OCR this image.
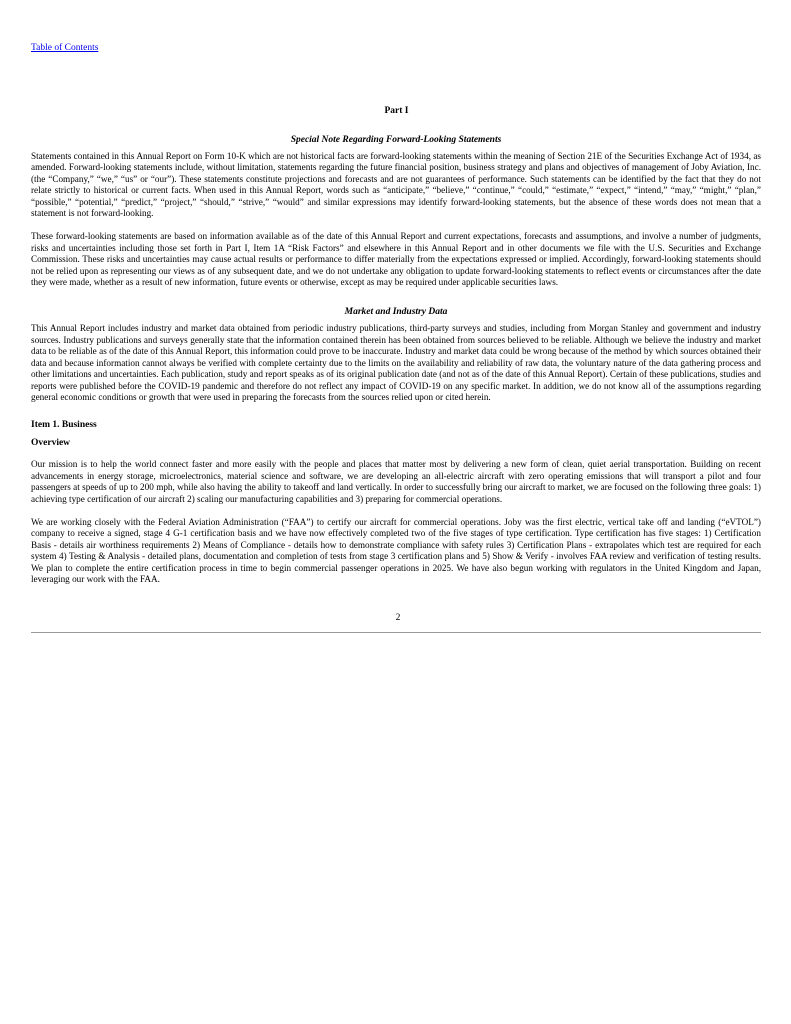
Table of Contents
Part I
Special Note Regarding Forward-Looking Statements

Statements contained in this Annual Report on Form 10-K which are not historical facts are forward-looking statements within the meaning of Section 21E of the Securities Exchange Act of 1934, as amended. Forward-looking statements include, without limitation, statements regarding the future financial position, business strategy and plans and objectives of management of Joby Aviation, Inc. (the “Company,” “we,” “us” or “our”). These statements constitute projections and forecasts and are not guarantees of performance. Such statements can be identified by the fact that they do not relate strictly to historical or current facts. When used in this Annual Report, words such as “anticipate,” “believe,” “continue,” “could,” “estimate,” “expect,” “intend,” “may,” “might,” “plan,” “possible,” “potential,” “predict,” “project,” “should,” “strive,” “would” and similar expressions may identify forward-looking statements, but the absence of these words does not mean that a statement is not forward-looking.

These forward-looking statements are based on information available as of the date of this Annual Report and current expectations, forecasts and assumptions, and involve a number of judgments, risks and uncertainties including those set forth in Part I, Item 1A “Risk Factors” and elsewhere in this Annual Report and in other documents we file with the U.S. Securities and Exchange Commission. These risks and uncertainties may cause actual results or performance to differ materially from the expectations expressed or implied. Accordingly, forward-looking statements should not be relied upon as representing our views as of any subsequent date, and we do not undertake any obligation to update forward-looking statements to reflect events or circumstances after the date they were made, whether as a result of new information, future events or otherwise, except as may be required under applicable securities laws.

Market and Industry Data

This Annual Report includes industry and market data obtained from periodic industry publications, third-party surveys and studies, including from Morgan Stanley and government and industry sources. Industry publications and surveys generally state that the information contained therein has been obtained from sources believed to be reliable. Although we believe the industry and market data to be reliable as of the date of this Annual Report, this information could prove to be inaccurate. Industry and market data could be wrong because of the method by which sources obtained their data and because information cannot always be verified with complete certainty due to the limits on the availability and reliability of raw data, the voluntary nature of the data gathering process and other limitations and uncertainties. Each publication, study and report speaks as of its original publication date (and not as of the date of this Annual Report). Certain of these publications, studies and reports were published before the COVID-19 pandemic and therefore do not reflect any impact of COVID-19 on any specific market. In addition, we do not know all of the assumptions regarding general economic conditions or growth that were used in preparing the forecasts from the sources relied upon or cited herein.

Item 1. Business
Overview

Our mission is to help the world connect faster and more easily with the people and places that matter most by delivering a new form of clean, quiet aerial transportation. Building on recent advancements in energy storage, microelectronics, material science and software, we are developing an all-electric aircraft with zero operating emissions that will transport a pilot and four passengers at speeds of up to 200 mph, while also having the ability to takeoff and land vertically. In order to successfully bring our aircraft to market, we are focused on the following three goals: 1) achieving type certification of our aircraft 2) scaling our manufacturing capabilities and 3) preparing for commercial operations.

We are working closely with the Federal Aviation Administration (“FAA”) to certify our aircraft for commercial operations. Joby was the first electric, vertical take off and landing (“eVTOL”) company to receive a signed, stage 4 G-1 certification basis and we have now effectively completed two of the five stages of type certification. Type certification has five stages: 1) Certification Basis - details air worthiness requirements 2) Means of Compliance - details how to demonstrate compliance with safety rules 3) Certification Plans - extrapolates which test are required for each system 4) Testing & Analysis - detailed plans, documentation and completion of tests from stage 3 certification plans and 5) Show & Verify - involves FAA review and verification of testing results. We plan to complete the entire certification process in time to begin commercial passenger operations in 2025. We have also begun working with regulators in the United Kingdom and Japan, leveraging our work with the FAA.

2
